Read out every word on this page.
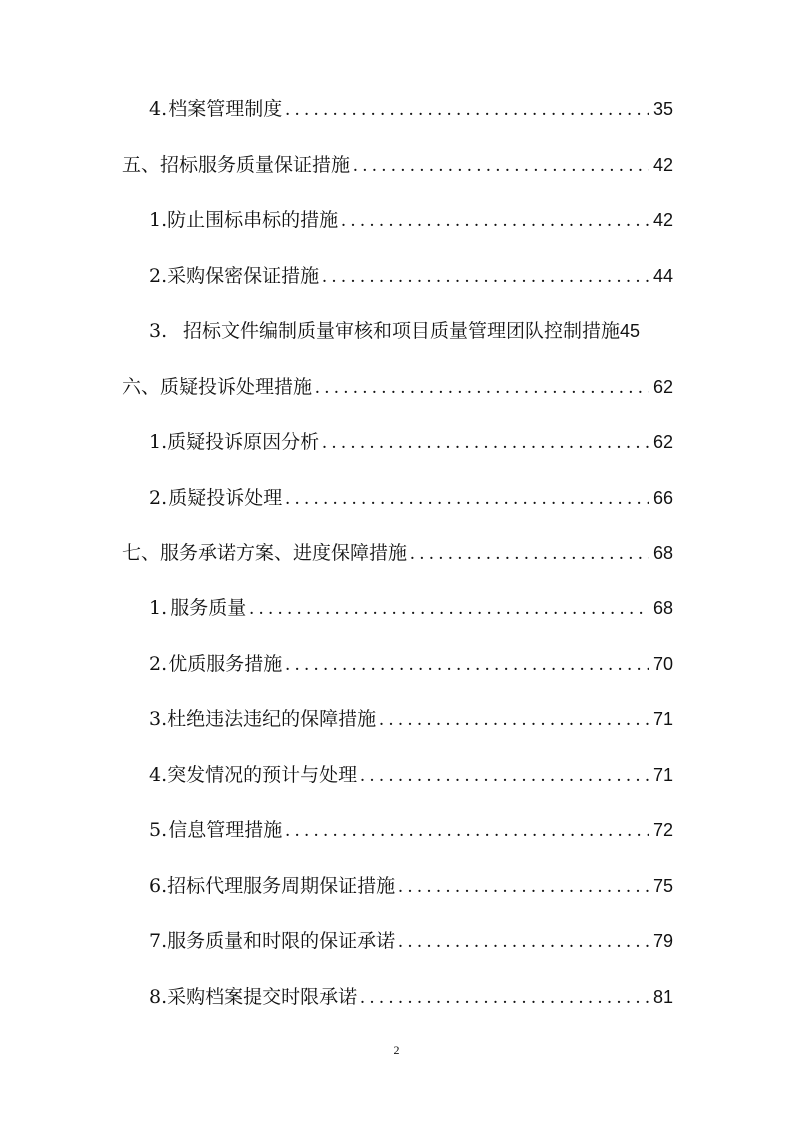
4. 档案管理制度 . . .	35
五、 招标服务质量保证措施 . . .	42
1. 防止围标串标的措施 . . .	42
2. 采购保密保证措施 . . .	44
3. 招标文件编制质量审核和项目质量管理团队控制措施 45
六、 质疑投诉处理措施 . . .	62
1. 质疑投诉原因分析 . . .	62
2. 质疑投诉处理 . . .	66
七、 服务承诺方案、进度保障措施 . . .	68
1. 服务质量 . . .	68
2. 优质服务措施 . . .	70
3. 杜绝违法违纪的保障措施 . . .	71
4. 突发情况的预计与处理 . . .	71
5. 信息管理措施 . . .	72
6. 招标代理服务周期保证措施 . . .	75
7. 服务质量和时限的保证承诺 . . .	79
8. 采购档案提交时限承诺 . . .	81
2
